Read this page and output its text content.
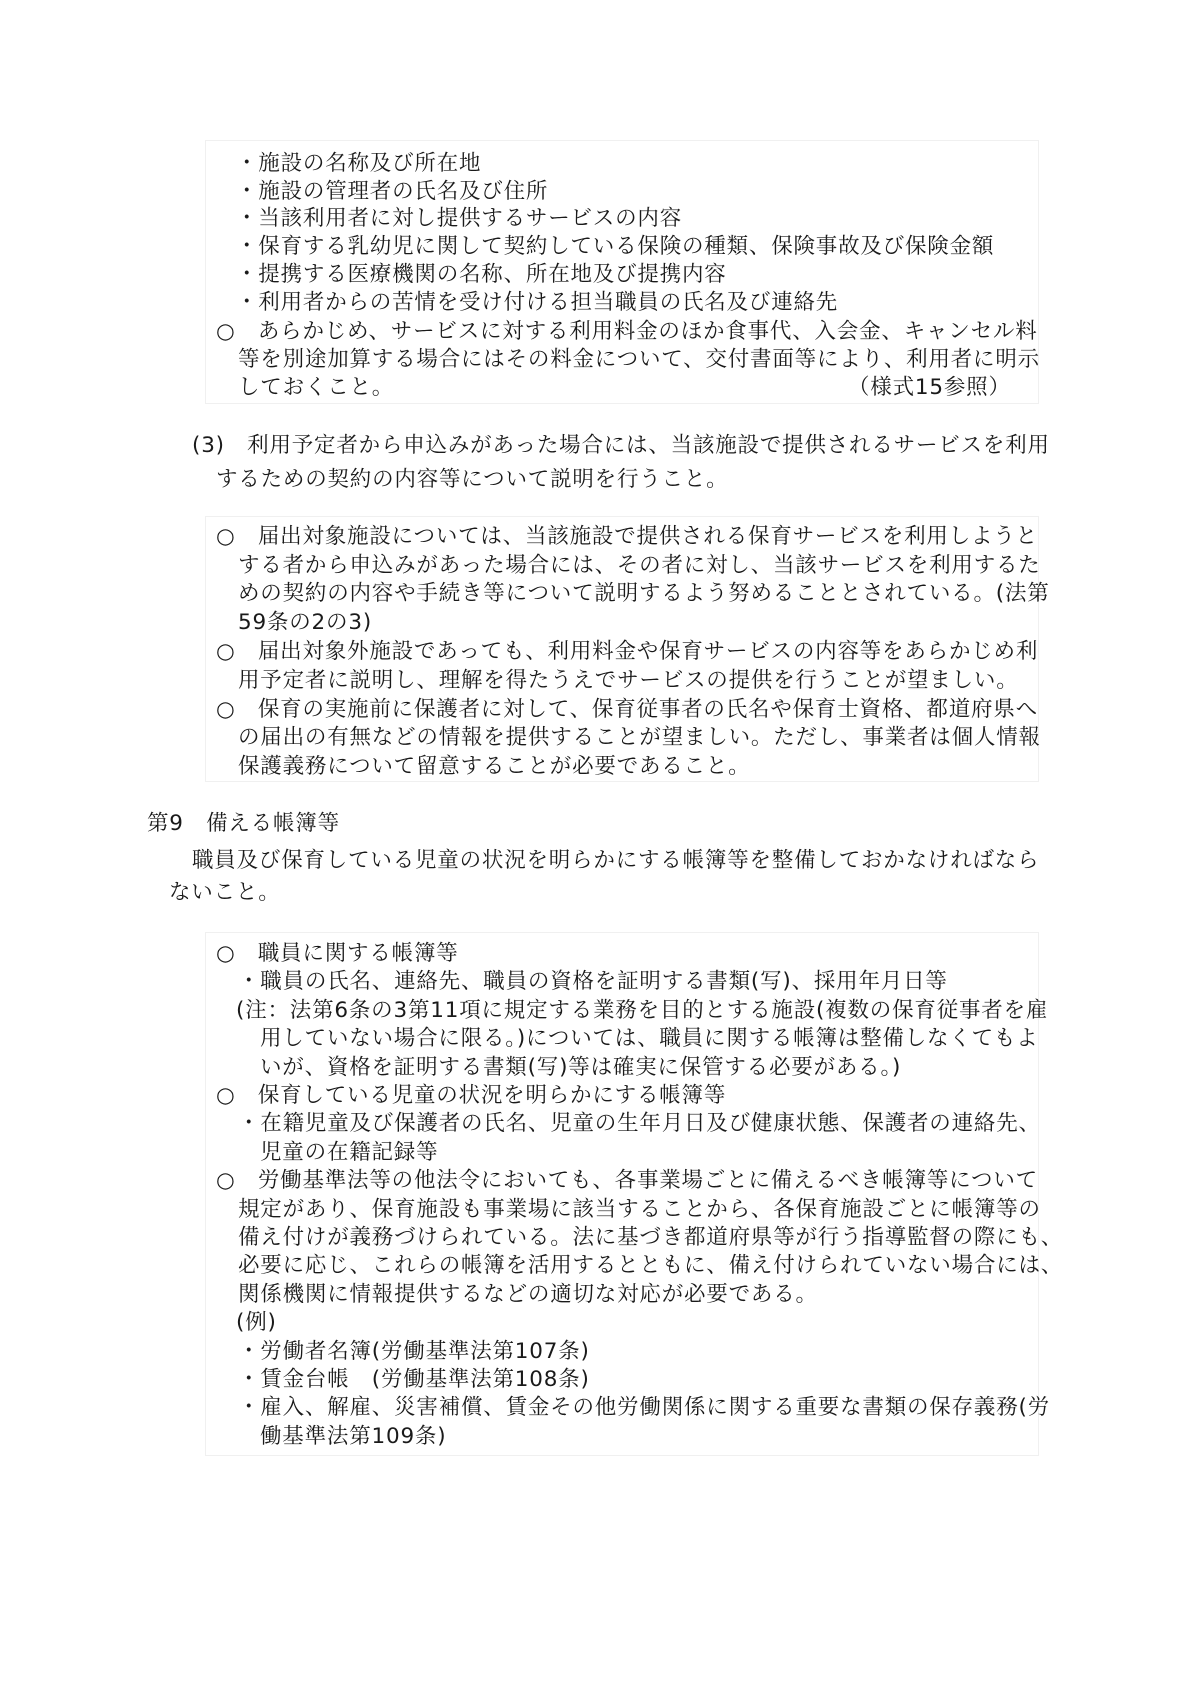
・施設の名称及び所在地
・施設の管理者の氏名及び住所
・当該利用者に対し提供するサービスの内容
・保育する乳幼児に関して契約している保険の種類、保険事故及び保険金額
・提携する医療機関の名称、所在地及び提携内容
・利用者からの苦情を受け付ける担当職員の氏名及び連絡先
○　あらかじめ、サービスに対する利用料金のほか食事代、入会金、キャンセル料
等を別途加算する場合にはその料金について、交付書面等により、利用者に明示
しておくこと。	（様式15参照）
(3)　利用予定者から申込みがあった場合には、当該施設で提供されるサービスを利用
するための契約の内容等について説明を行うこと。
○　届出対象施設については、当該施設で提供される保育サービスを利用しようと
する者から申込みがあった場合には、その者に対し、当該サービスを利用するた
めの契約の内容や手続き等について説明するよう努めることとされている。(法第
59条の2の3)
○　届出対象外施設であっても、利用料金や保育サービスの内容等をあらかじめ利
用予定者に説明し、理解を得たうえでサービスの提供を行うことが望ましい。
○　保育の実施前に保護者に対して、保育従事者の氏名や保育士資格、都道府県へ
の届出の有無などの情報を提供することが望ましい。ただし、事業者は個人情報
保護義務について留意することが必要であること。
第9　備える帳簿等
職員及び保育している児童の状況を明らかにする帳簿等を整備しておかなければなら
ないこと。
○　職員に関する帳簿等
・職員の氏名、連絡先、職員の資格を証明する書類(写)、採用年月日等
(注：法第6条の3第11項に規定する業務を目的とする施設(複数の保育従事者を雇
用していない場合に限る。)については、職員に関する帳簿は整備しなくてもよ
いが、資格を証明する書類(写)等は確実に保管する必要がある。)
○　保育している児童の状況を明らかにする帳簿等
・在籍児童及び保護者の氏名、児童の生年月日及び健康状態、保護者の連絡先、
児童の在籍記録等
○　労働基準法等の他法令においても、各事業場ごとに備えるべき帳簿等について
規定があり、保育施設も事業場に該当することから、各保育施設ごとに帳簿等の
備え付けが義務づけられている。法に基づき都道府県等が行う指導監督の際にも、
必要に応じ、これらの帳簿を活用するとともに、備え付けられていない場合には、
関係機関に情報提供するなどの適切な対応が必要である。
(例)
・労働者名簿(労働基準法第107条)
・賃金台帳　(労働基準法第108条)
・雇入、解雇、災害補償、賃金その他労働関係に関する重要な書類の保存義務(労
働基準法第109条)
